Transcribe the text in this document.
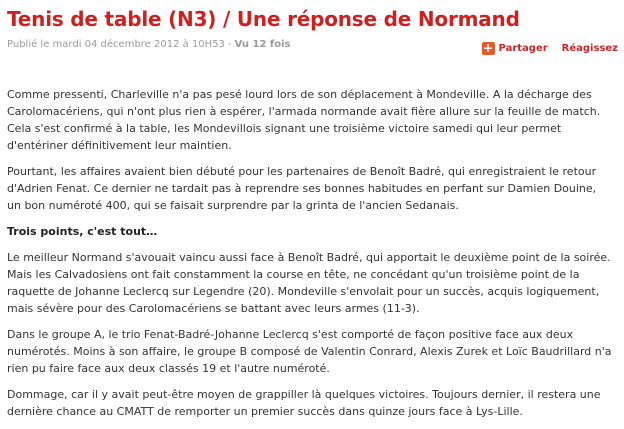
Tenis de table (N3) / Une réponse de Normand
Publié le mardi 04 décembre 2012 à 10H53 - Vu 12 fois	+ Partager Réagissez

Comme pressenti, Charleville n'a pas pesé lourd lors de son déplacement à Mondeville. A la décharge des Carolomacériens, qui n'ont plus rien à espérer, l'armada normande avait fière allure sur la feuille de match. Cela s'est confirmé à la table, les Mondevillois signant une troisième victoire samedi qui leur permet d'entériner définitivement leur maintien.

Pourtant, les affaires avaient bien débuté pour les partenaires de Benoît Badré, qui enregistraient le retour d'Adrien Fenat. Ce dernier ne tardait pas à reprendre ses bonnes habitudes en perfant sur Damien Douine, un bon numéroté 400, qui se faisait surprendre par la grinta de l'ancien Sedanais.

Trois points, c'est tout…

Le meilleur Normand s'avouait vaincu aussi face à Benoît Badré, qui apportait le deuxième point de la soirée. Mais les Calvadosiens ont fait constamment la course en tête, ne concédant qu'un troisième point de la raquette de Johanne Leclercq sur Legendre (20). Mondeville s'envolait pour un succès, acquis logiquement, mais sévère pour des Carolomacériens se battant avec leurs armes (11-3).

Dans le groupe A, le trio Fenat-Badré-Johanne Leclercq s'est comporté de façon positive face aux deux numérotés. Moins à son affaire, le groupe B composé de Valentin Conrard, Alexis Zurek et Loïc Baudrillard n'a rien pu faire face aux deux classés 19 et l'autre numéroté.

Dommage, car il y avait peut-être moyen de grappiller là quelques victoires. Toujours dernier, il restera une dernière chance au CMATT de remporter un premier succès dans quinze jours face à Lys-Lille.
